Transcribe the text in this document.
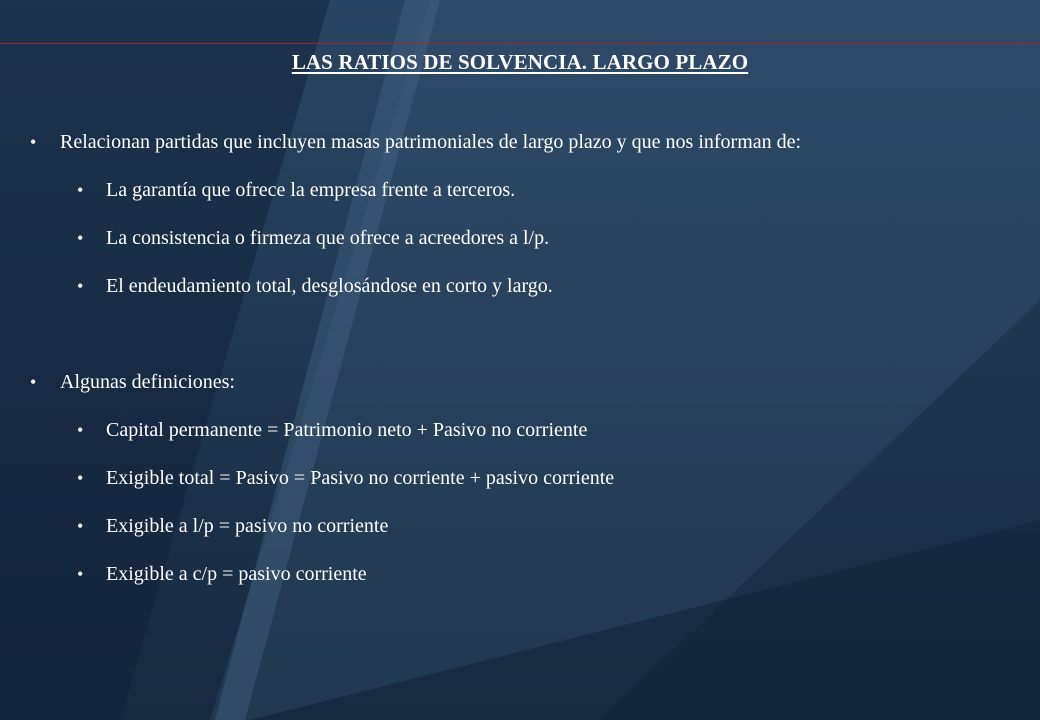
LAS RATIOS DE SOLVENCIA. LARGO PLAZO
• Relacionan partidas que incluyen masas patrimoniales de largo plazo y que nos informan de:
• La garantía que ofrece la empresa frente a terceros.
• La consistencia o firmeza que ofrece a acreedores a l/p.
• El endeudamiento total, desglosándose en corto y largo.
• Algunas definiciones:
• Capital permanente = Patrimonio neto + Pasivo no corriente
• Exigible total = Pasivo = Pasivo no corriente + pasivo corriente
• Exigible a l/p = pasivo no corriente
• Exigible a c/p = pasivo corriente
